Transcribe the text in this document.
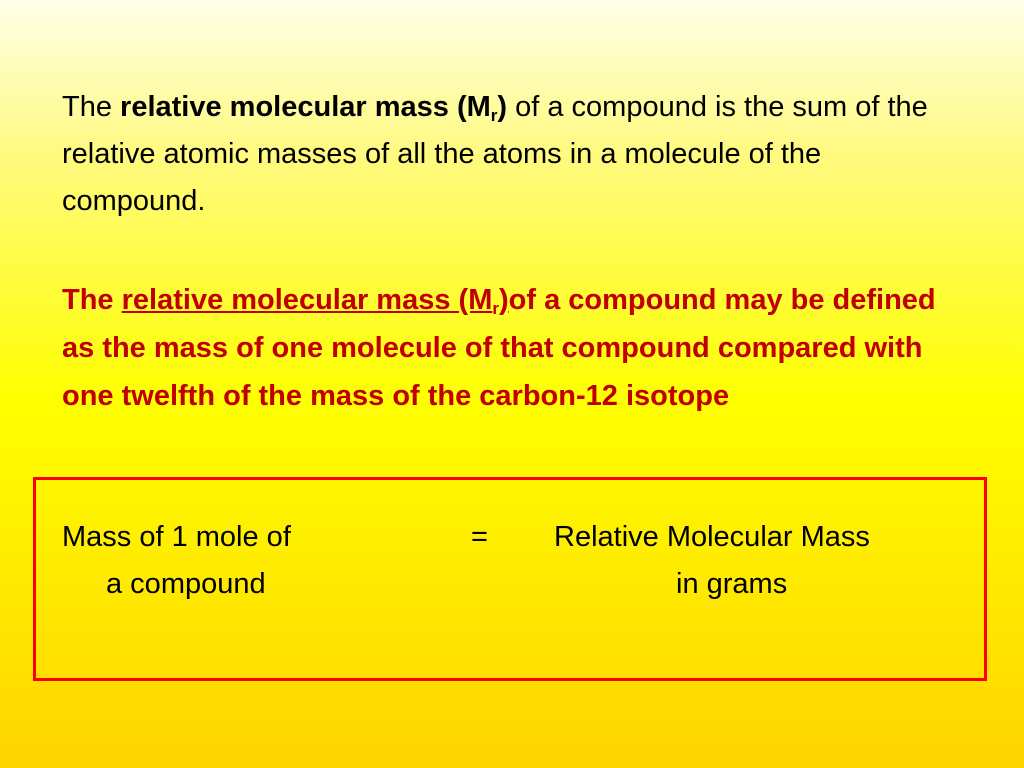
The relative molecular mass $(M_r)$ of a compound is the sum of the relative atomic masses of all the atoms in a molecule of the compound.
The relative molecular mass $(M_r)of$ a compound may be defined as the mass of one molecule of that compound compared with one twelfth of the mass of the carbon-12 isotope
Mass of 1 mole of
a compound
= Relative Molecular Mass
in grams
